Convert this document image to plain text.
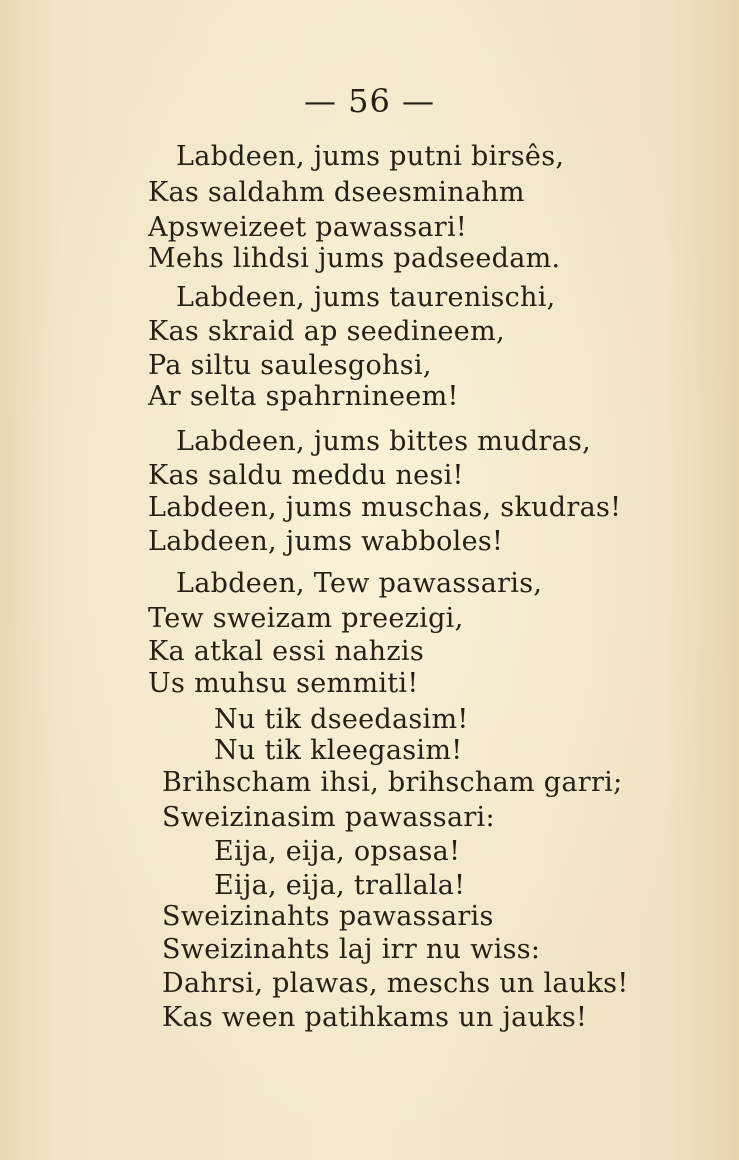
— 56 —
Labdeen, jums putni birsês,
Kas saldahm dseesminahm
Apsweizeet pawassari!
Mehs lihdsi jums padseedam.
Labdeen, jums taurenischi,
Kas skraid ap seedineem,
Pa siltu saulesgohsi,
Ar selta spahrnineem!
Labdeen, jums bittes mudras,
Kas saldu meddu nesi!
Labdeen, jums muschas, skudras!
Labdeen, jums wabboles!
Labdeen, Tew pawassaris,
Tew sweizam preezigi,
Ka atkal essi nahzis
Us muhsu semmiti!
Nu tik dseedasim!
Nu tik kleegasim!
Brihscham ihsi, brihscham garri;
Sweizinasim pawassari:
Eija, eija, opsasa!
Eija, eija, trallala!
Sweizinahts pawassaris
Sweizinahts laj irr nu wiss:
Dahrsi, plawas, meschs un lauks!
Kas ween patihkams un jauks!
